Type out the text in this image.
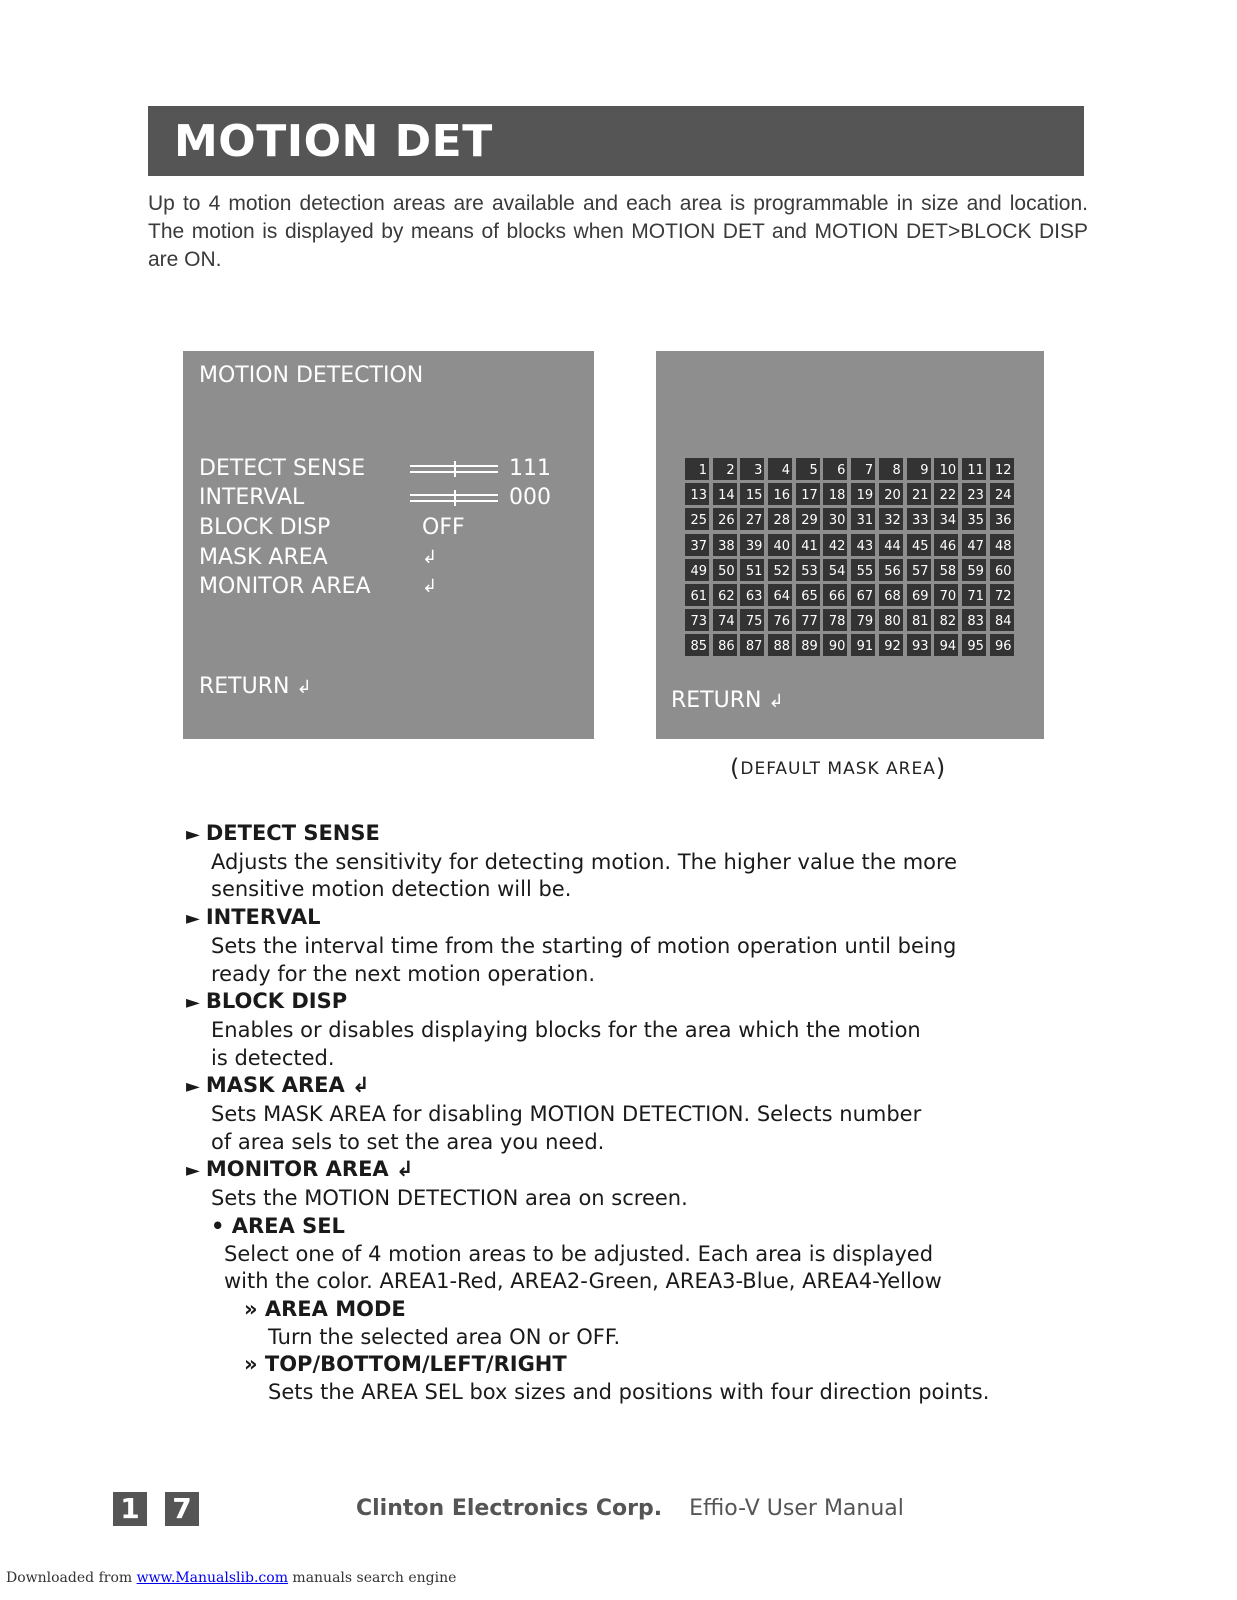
MOTION DET

Up to 4 motion detection areas are available and each area is programmable in size and location. The motion is displayed by means of blocks when MOTION DET and MOTION DET>BLOCK DISP are ON.

MOTION DETECTION
DETECT SENSE	111
INTERVAL	000
BLOCK DISP	OFF
MASK AREA	↲
MONITOR AREA	↲
RETURN ↲
1	2	3	4	5	6	7	8	9 10 11 12
13 14 15 16 17 18 19 20 21 22 23 24
25 26 27 28 29 30 31 32 33 34 35 36
37 38 39 40 41 42 43 44 45 46 47 48
49 50 51 52 53 54 55 56 57 58 59 60
61 62 63 64 65 66 67 68 69 70 71 72
73 74 75 76 77 78 79 80 81 82 83 84
85 86 87 88 89 90 91 92 93 94 95 96
RETURN ↲
(DEFAULT MASK AREA)
► DETECT SENSE
Adjusts the sensitivity for detecting motion. The higher value the more
sensitive motion detection will be.
► INTERVAL
Sets the interval time from the starting of motion operation until being
ready for the next motion operation.
► BLOCK DISP
Enables or disables displaying blocks for the area which the motion
is detected.
► MASK AREA ↲
Sets MASK AREA for disabling MOTION DETECTION. Selects number
of area sels to set the area you need.
► MONITOR AREA ↲
Sets the MOTION DETECTION area on screen.
• AREA SEL
Select one of 4 motion areas to be adjusted. Each area is displayed
with the color. AREA1-Red, AREA2-Green, AREA3-Blue, AREA4-Yellow
» AREA MODE
Turn the selected area ON or OFF.
» TOP/BOTTOM/LEFT/RIGHT
Sets the AREA SEL box sizes and positions with four direction points.
1 7	Clinton Electronics Corp. Effio-V User Manual
Downloaded from www.Manualslib.com manuals search engine
